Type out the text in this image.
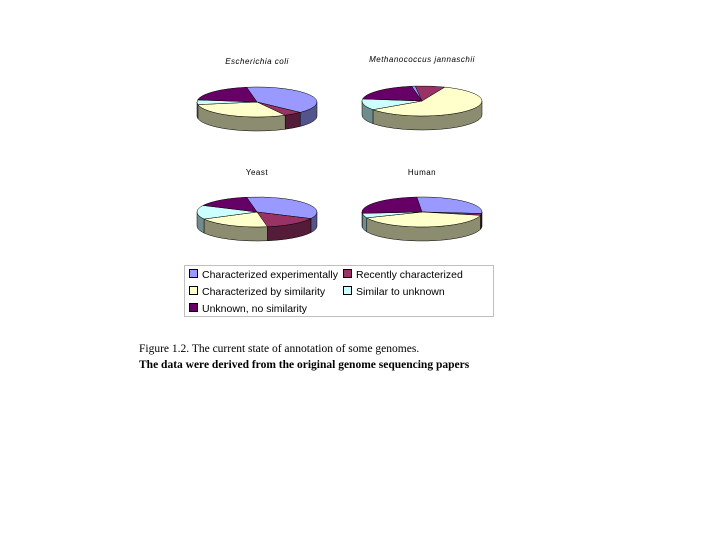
Escherichia coli	Methanococcus jannaschii
Yeast	Human
Characterized experimentally	Recently characterized
Characterized by similarity	Similar to unknown
Unknown, no similarity
Figure 1.2. The current state of annotation of some genomes.
The data were derived from the original genome sequencing papers
